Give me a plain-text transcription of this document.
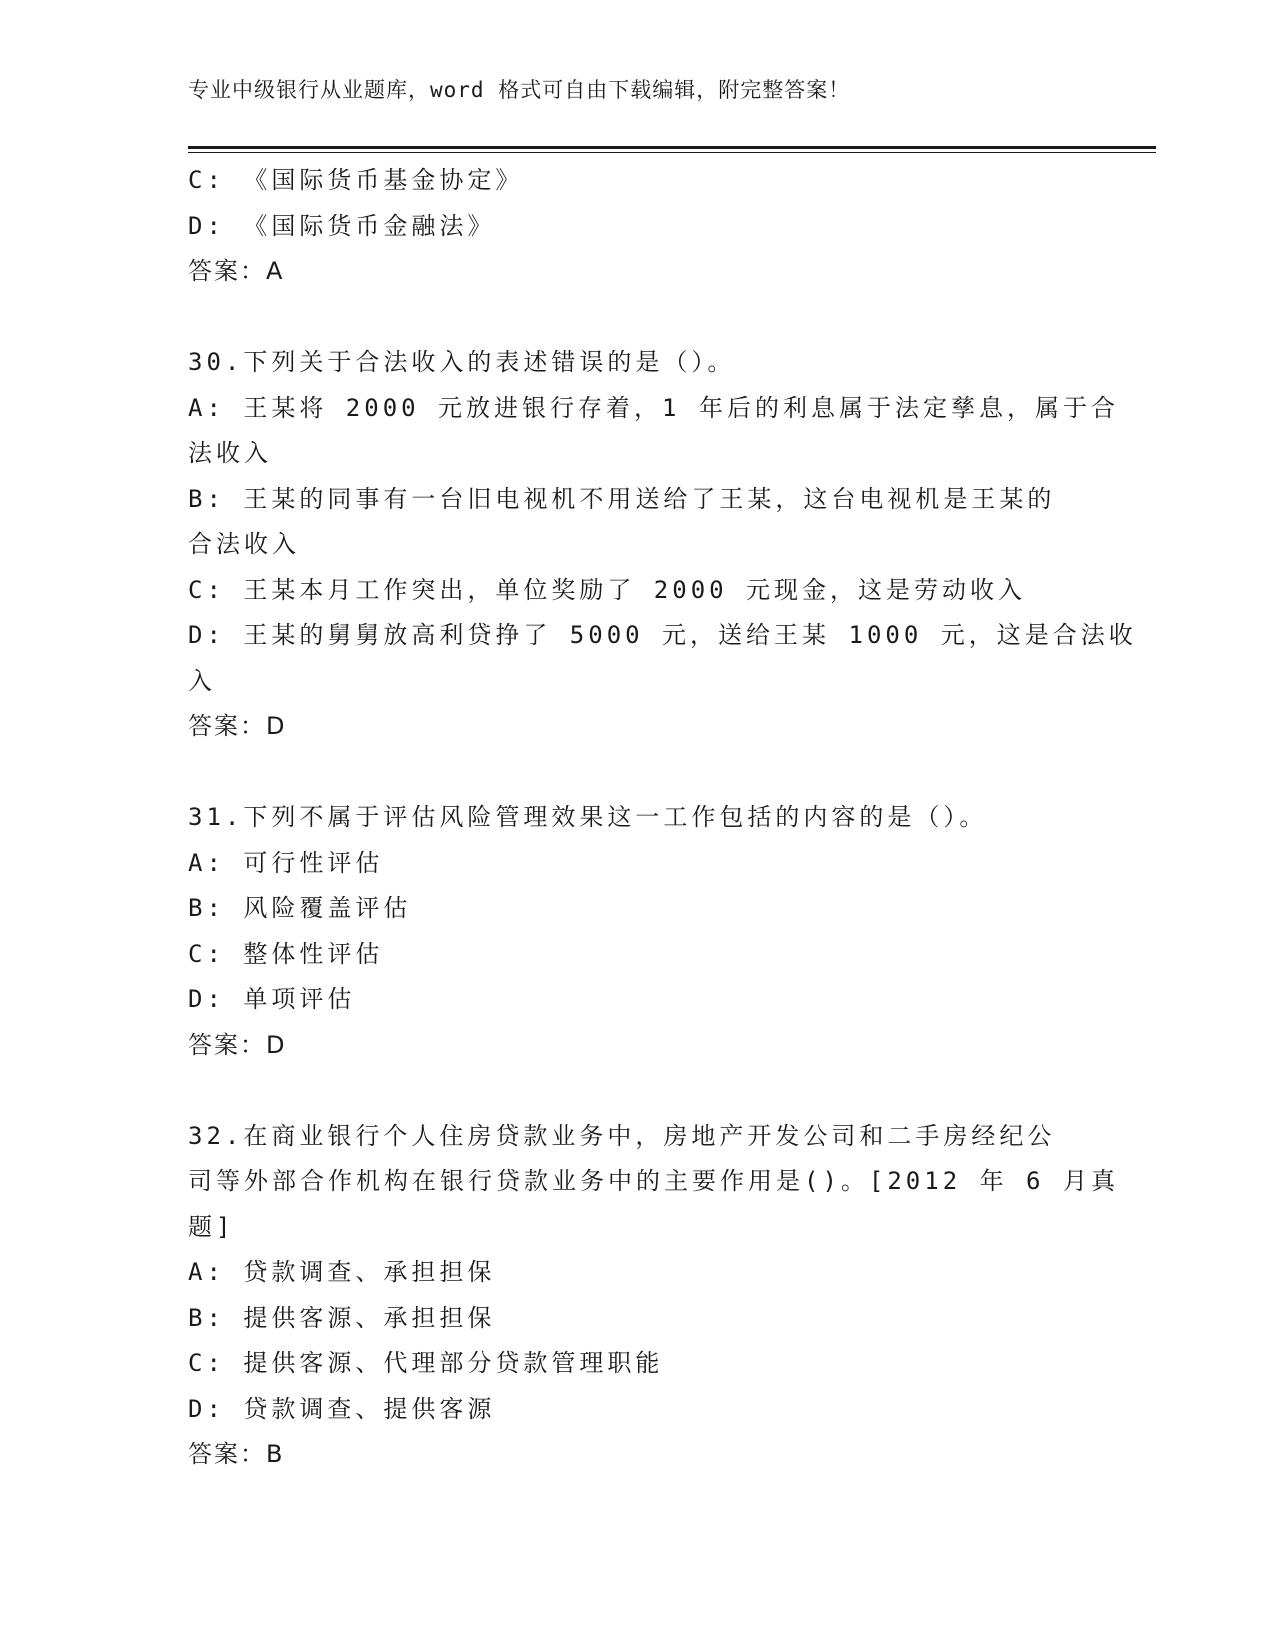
专业中级银行从业题库，word 格式可自由下载编辑，附完整答案！

C: 《国际货币基金协定》

D: 《国际货币金融法》

答案：A

30.下列关于合法收入的表述错误的是（）。

A: 王某将 2000 元放进银行存着，1 年后的利息属于法定孳息，属于合

法收入

B: 王某的同事有一台旧电视机不用送给了王某，这台电视机是王某的

合法收入

C: 王某本月工作突出，单位奖励了 2000 元现金，这是劳动收入

D: 王某的舅舅放高利贷挣了 5000 元，送给王某 1000 元，这是合法收

入

答案：D

31.下列不属于评估风险管理效果这一工作包括的内容的是（）。

A: 可行性评估

B: 风险覆盖评估

C: 整体性评估

D: 单项评估

答案：D

32.在商业银行个人住房贷款业务中，房地产开发公司和二手房经纪公

司等外部合作机构在银行贷款业务中的主要作用是()。[2012 年 6 月真

题]

A: 贷款调查、承担担保

B: 提供客源、承担担保

C: 提供客源、代理部分贷款管理职能

D: 贷款调查、提供客源

答案：B
